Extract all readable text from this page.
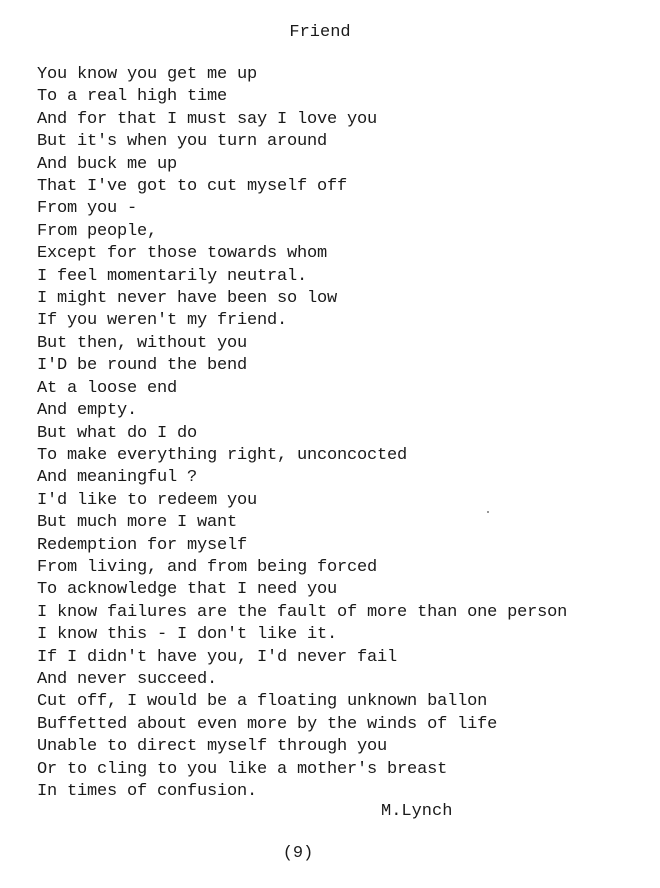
Friend
You know you get me up
To a real high time
And for that I must say I love you
But it's when you turn around
And buck me up
That I've got to cut myself off
From you -
From people,
Except for those towards whom
I feel momentarily neutral.
I might never have been so low
If you weren't my friend.
But then, without you
I'D be round the bend
At a loose end
And empty.
But what do I do
To make everything right, unconcocted
And meaningful ?
I'd like to redeem you
But much more I want
Redemption for myself
From living, and from being forced
To acknowledge that I need you
I know failures are the fault of more than one person
I know this - I don't like it.
If I didn't have you, I'd never fail
And never succeed.
Cut off, I would be a floating unknown ballon
Buffetted about even more by the winds of life
Unable to direct myself through you
Or to cling to you like a mother's breast
In times of confusion.
M.Lynch
(9)
